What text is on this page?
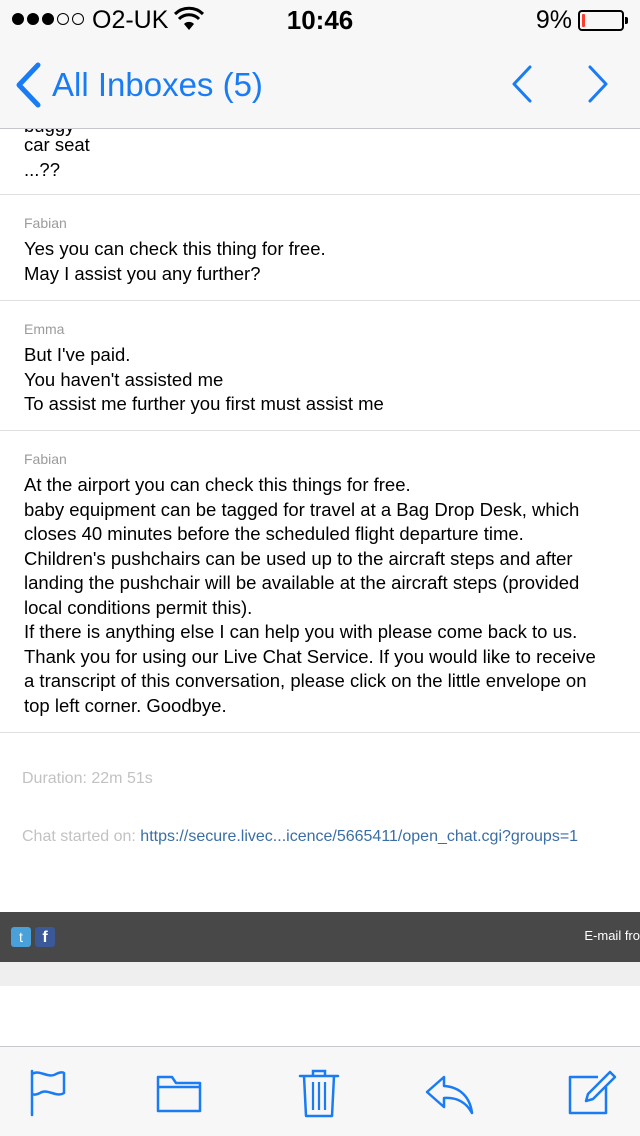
O2-UK	10:46	9%
All Inboxes (5)
car seat
...??
Fabian
Yes you can check this thing for free.
May I assist you any further?
Emma
But I've paid.
You haven't assisted me
To assist me further you first must assist me
Fabian
At the airport you can check this things for free.
baby equipment can be tagged for travel at a Bag Drop Desk, which
closes 40 minutes before the scheduled flight departure time.
Children's pushchairs can be used up to the aircraft steps and after
landing the pushchair will be available at the aircraft steps (provided
local conditions permit this).
If there is anything else I can help you with please come back to us.
Thank you for using our Live Chat Service. If you would like to receive
a transcript of this conversation, please click on the little envelope on
top left corner. Goodbye.
Duration: 22m 51s
Chat started on: https://secure.livec...icence/5665411/open_chat.cgi?groups=1
t	f	E-mail fro
